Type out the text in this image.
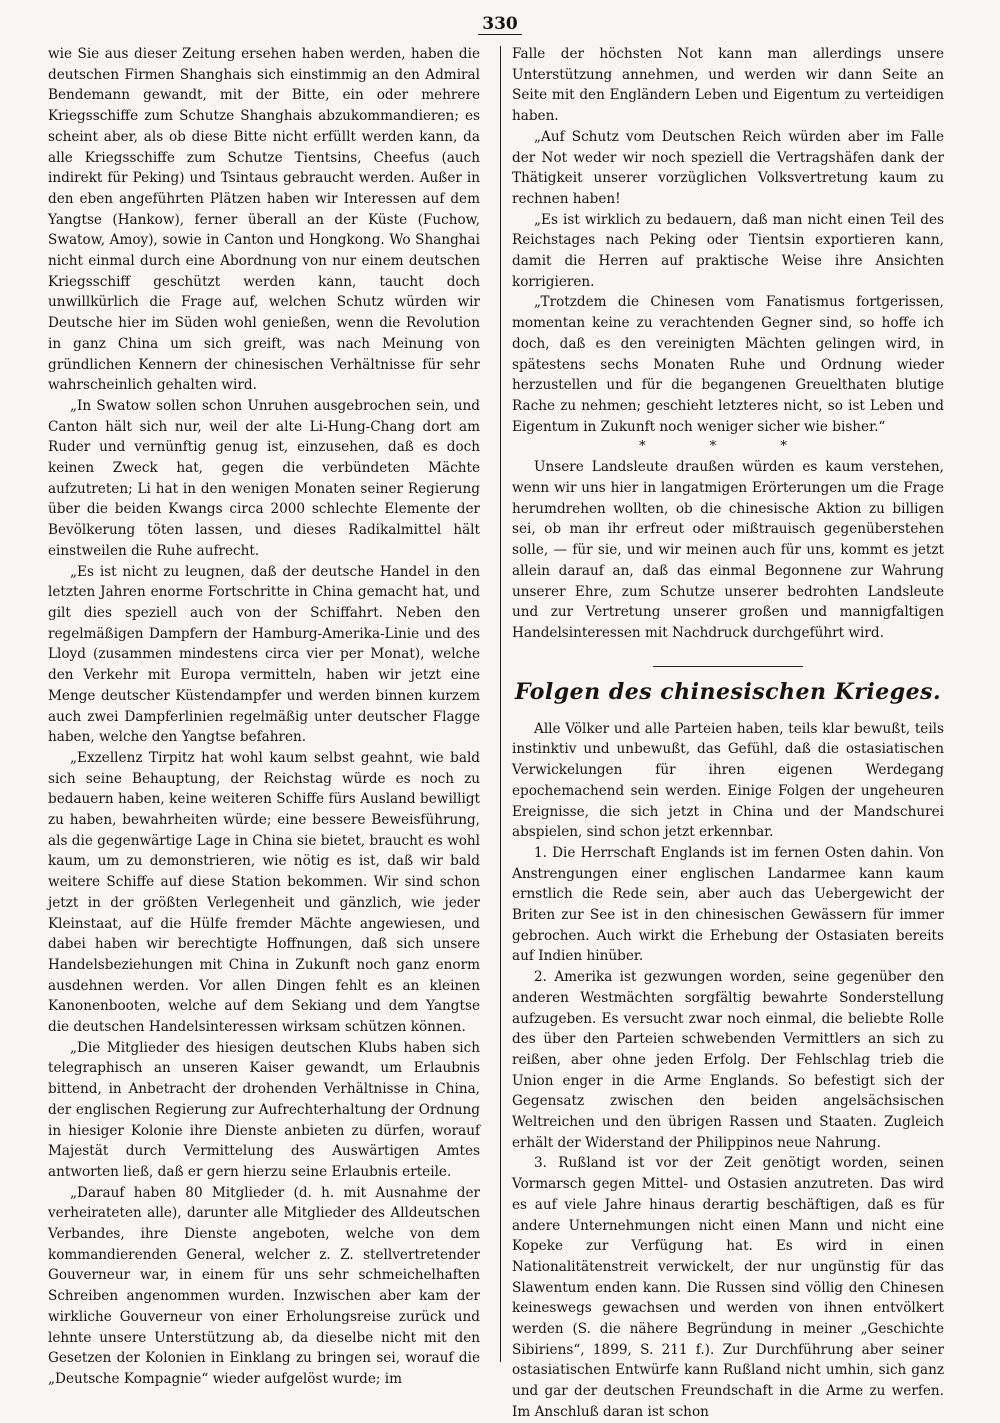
330

wie Sie aus dieser Zeitung ersehen haben werden, haben die deutschen Firmen Shanghais sich einstimmig an den Admiral Bendemann gewandt, mit der Bitte, ein oder mehrere Kriegsschiffe zum Schutze Shanghais abzukommandieren; es scheint aber, als ob diese Bitte nicht erfüllt werden kann, da alle Kriegsschiffe zum Schutze Tientsins, Cheefus (auch indirekt für Peking) und Tsintaus gebraucht werden. Außer in den eben angeführten Plätzen haben wir Interessen auf dem Yangtse (Hankow), ferner überall an der Küste (Fuchow, Swatow, Amoy), sowie in Canton und Hongkong. Wo Shanghai nicht einmal durch eine Abordnung von nur einem deutschen Kriegsschiff geschützt werden kann, taucht doch unwillkürlich die Frage auf, welchen Schutz würden wir Deutsche hier im Süden wohl genießen, wenn die Revolution in ganz China um sich greift, was nach Meinung von gründlichen Kennern der chinesischen Verhältnisse für sehr wahrscheinlich gehalten wird.

„In Swatow sollen schon Unruhen ausgebrochen sein, und Canton hält sich nur, weil der alte Li-Hung-Chang dort am Ruder und vernünftig genug ist, einzusehen, daß es doch keinen Zweck hat, gegen die verbündeten Mächte aufzutreten; Li hat in den wenigen Monaten seiner Regierung über die beiden Kwangs circa 2000 schlechte Elemente der Bevölkerung töten lassen, und dieses Radikalmittel hält einstweilen die Ruhe aufrecht.

„Es ist nicht zu leugnen, daß der deutsche Handel in den letzten Jahren enorme Fortschritte in China gemacht hat, und gilt dies speziell auch von der Schiffahrt. Neben den regelmäßigen Dampfern der Hamburg-Amerika-Linie und des Lloyd (zusammen mindestens circa vier per Monat), welche den Verkehr mit Europa vermitteln, haben wir jetzt eine Menge deutscher Küstendampfer und werden binnen kurzem auch zwei Dampferlinien regelmäßig unter deutscher Flagge haben, welche den Yangtse befahren.

„Exzellenz Tirpitz hat wohl kaum selbst geahnt, wie bald sich seine Behauptung, der Reichstag würde es noch zu bedauern haben, keine weiteren Schiffe fürs Ausland bewilligt zu haben, bewahrheiten würde; eine bessere Beweisführung, als die gegenwärtige Lage in China sie bietet, braucht es wohl kaum, um zu demonstrieren, wie nötig es ist, daß wir bald weitere Schiffe auf diese Station bekommen. Wir sind schon jetzt in der größten Verlegenheit und gänzlich, wie jeder Kleinstaat, auf die Hülfe fremder Mächte angewiesen, und dabei haben wir berechtigte Hoffnungen, daß sich unsere Handelsbeziehungen mit China in Zukunft noch ganz enorm ausdehnen werden. Vor allen Dingen fehlt es an kleinen Kanonenbooten, welche auf dem Sekiang und dem Yangtse die deutschen Handelsinteressen wirksam schützen können.

„Die Mitglieder des hiesigen deutschen Klubs haben sich telegraphisch an unseren Kaiser gewandt, um Erlaubnis bittend, in Anbetracht der drohenden Verhältnisse in China, der englischen Regierung zur Aufrechterhaltung der Ordnung in hiesiger Kolonie ihre Dienste anbieten zu dürfen, worauf Majestät durch Vermittelung des Auswärtigen Amtes antworten ließ, daß er gern hierzu seine Erlaubnis erteile.

„Darauf haben 80 Mitglieder (d. h. mit Ausnahme der verheirateten alle), darunter alle Mitglieder des Alldeutschen Verbandes, ihre Dienste angeboten, welche von dem kommandierenden General, welcher z. Z. stellvertretender Gouverneur war, in einem für uns sehr schmeichelhaften Schreiben angenommen wurden. Inzwischen aber kam der wirkliche Gouverneur von einer Erholungsreise zurück und lehnte unsere Unterstützung ab, da dieselbe nicht mit den Gesetzen der Kolonien in Einklang zu bringen sei, worauf die „Deutsche Kompagnie“ wieder aufgelöst wurde; im

Falle der höchsten Not kann man allerdings unsere Unterstützung annehmen, und werden wir dann Seite an Seite mit den Engländern Leben und Eigentum zu verteidigen haben.

„Auf Schutz vom Deutschen Reich würden aber im Falle der Not weder wir noch speziell die Vertragshäfen dank der Thätigkeit unserer vorzüglichen Volksvertretung kaum zu rechnen haben!

„Es ist wirklich zu bedauern, daß man nicht einen Teil des Reichstages nach Peking oder Tientsin exportieren kann, damit die Herren auf praktische Weise ihre Ansichten korrigieren.

„Trotzdem die Chinesen vom Fanatismus fortgerissen, momentan keine zu verachtenden Gegner sind, so hoffe ich doch, daß es den vereinigten Mächten gelingen wird, in spätestens sechs Monaten Ruhe und Ordnung wieder herzustellen und für die begangenen Greuelthaten blutige Rache zu nehmen; geschieht letzteres nicht, so ist Leben und Eigentum in Zukunft noch weniger sicher wie bisher.“

* * *

Unsere Landsleute draußen würden es kaum verstehen, wenn wir uns hier in langatmigen Erörterungen um die Frage herumdrehen wollten, ob die chinesische Aktion zu billigen sei, ob man ihr erfreut oder mißtrauisch gegenüberstehen solle, — für sie, und wir meinen auch für uns, kommt es jetzt allein darauf an, daß das einmal Begonnene zur Wahrung unserer Ehre, zum Schutze unserer bedrohten Landsleute und zur Vertretung unserer großen und mannigfaltigen Handelsinteressen mit Nachdruck durchgeführt wird.

Folgen des chinesischen Krieges.

Alle Völker und alle Parteien haben, teils klar bewußt, teils instinktiv und unbewußt, das Gefühl, daß die ostasiatischen Verwickelungen für ihren eigenen Werdegang epochemachend sein werden. Einige Folgen der ungeheuren Ereignisse, die sich jetzt in China und der Mandschurei abspielen, sind schon jetzt erkennbar.

1. Die Herrschaft Englands ist im fernen Osten dahin. Von Anstrengungen einer englischen Landarmee kann kaum ernstlich die Rede sein, aber auch das Uebergewicht der Briten zur See ist in den chinesischen Gewässern für immer gebrochen. Auch wirkt die Erhebung der Ostasiaten bereits auf Indien hinüber.

2. Amerika ist gezwungen worden, seine gegenüber den anderen Westmächten sorgfältig bewahrte Sonderstellung aufzugeben. Es versucht zwar noch einmal, die beliebte Rolle des über den Parteien schwebenden Vermittlers an sich zu reißen, aber ohne jeden Erfolg. Der Fehlschlag trieb die Union enger in die Arme Englands. So befestigt sich der Gegensatz zwischen den beiden angelsächsischen Weltreichen und den übrigen Rassen und Staaten. Zugleich erhält der Widerstand der Philippinos neue Nahrung.

3. Rußland ist vor der Zeit genötigt worden, seinen Vormarsch gegen Mittel- und Ostasien anzutreten. Das wird es auf viele Jahre hinaus derartig beschäftigen, daß es für andere Unternehmungen nicht einen Mann und nicht eine Kopeke zur Verfügung hat. Es wird in einen Nationalitätenstreit verwickelt, der nur ungünstig für das Slawentum enden kann. Die Russen sind völlig den Chinesen keineswegs gewachsen und werden von ihnen entvölkert werden (S. die nähere Begründung in meiner „Geschichte Sibiriens“, 1899, S. 211 f.). Zur Durchführung aber seiner ostasiatischen Entwürfe kann Rußland nicht umhin, sich ganz und gar der deutschen Freundschaft in die Arme zu werfen. Im Anschluß daran ist schon
